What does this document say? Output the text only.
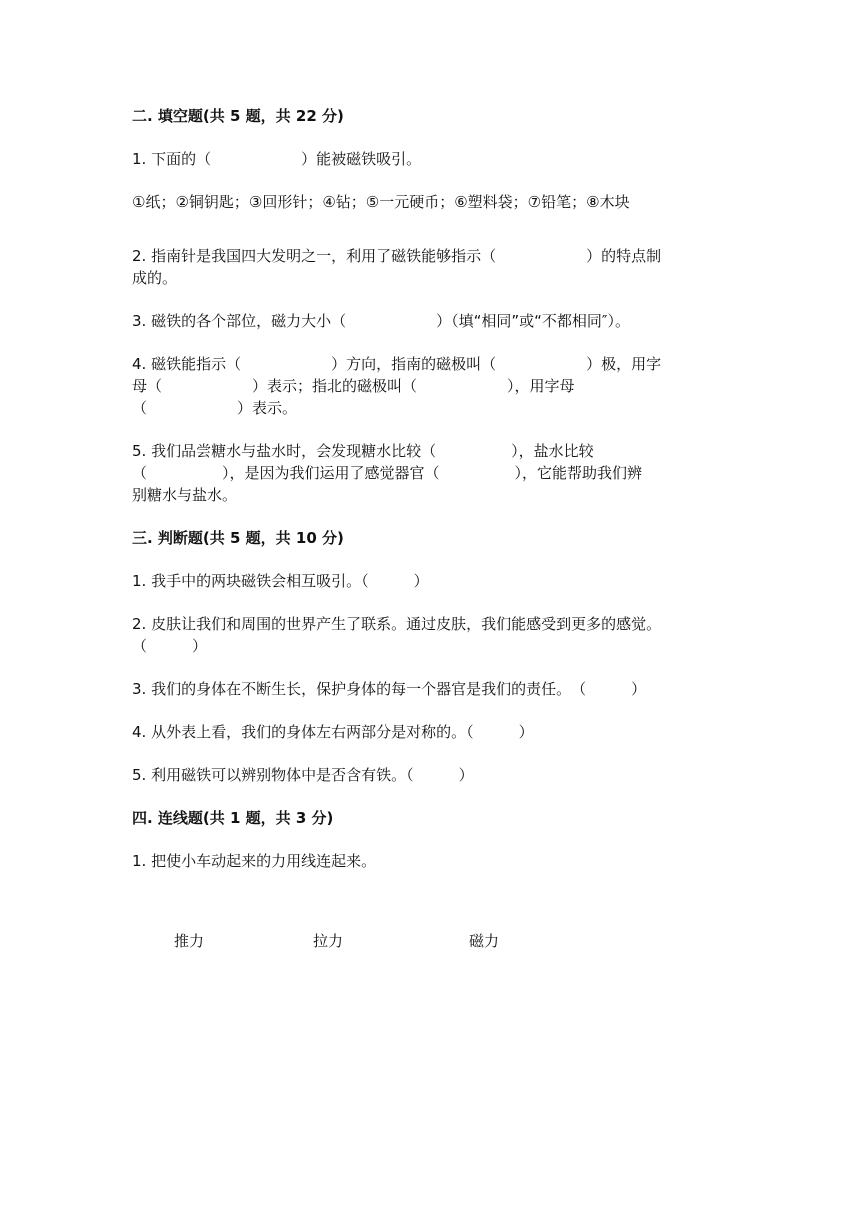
二. 填空题(共 5 题，共 22 分)
1. 下面的（　　　　　　）能被磁铁吸引。
①纸；②铜钥匙；③回形针；④钻；⑤一元硬币；⑥塑料袋；⑦铅笔；⑧木块
2. 指南针是我国四大发明之一，利用了磁铁能够指示（　　　　　　）的特点制
成的。
3. 磁铁的各个部位，磁力大小（　　　　　　）（填“相同”或“不都相同″）。
4. 磁铁能指示（　　　　　　）方向，指南的磁极叫（　　　　　　）极，用字
母（　　　　　　）表示；指北的磁极叫（　　　　　　），用字母
（　　　　　　）表示。
5. 我们品尝糖水与盐水时，会发现糖水比较（　　　　　），盐水比较
（　　　　　），是因为我们运用了感觉器官（　　　　　），它能帮助我们辨
别糖水与盐水。
三. 判断题(共 5 题，共 10 分)
1. 我手中的两块磁铁会相互吸引。（　　　）
2. 皮肤让我们和周围的世界产生了联系。通过皮肤，我们能感受到更多的感觉。
（　　　）
3. 我们的身体在不断生长，保护身体的每一个器官是我们的责任。　（　　　）
4. 从外表上看，我们的身体左右两部分是对称的。（　　　）
5. 利用磁铁可以辨别物体中是否含有铁。（　　　）
四. 连线题(共 1 题，共 3 分)
1. 把使小车动起来的力用线连起来。
推力	拉力	磁力
